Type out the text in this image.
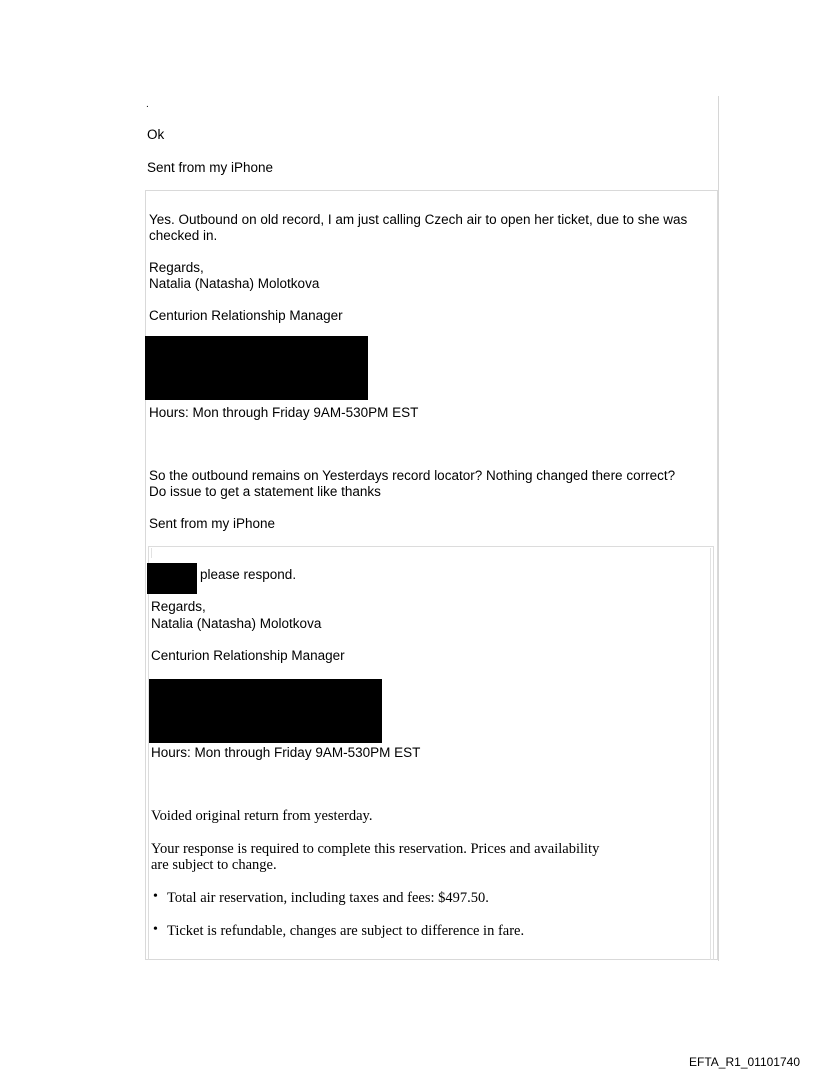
.
Ok
Sent from my iPhone
Yes. Outbound on old record, I am just calling Czech air to open her ticket, due to she was
checked in.
Regards,
Natalia (Natasha) Molotkova
Centurion Relationship Manager
Hours: Mon through Friday 9AM-530PM EST
So the outbound remains on Yesterdays record locator? Nothing changed there correct?
Do issue to get a statement like thanks
Sent from my iPhone
please respond.
Regards,
Natalia (Natasha) Molotkova
Centurion Relationship Manager
Hours: Mon through Friday 9AM-530PM EST
Voided original return from yesterday.
Your response is required to complete this reservation. Prices and availability
are subject to change.
• Total air reservation, including taxes and fees: $497.50.
• Ticket is refundable, changes are subject to difference in fare.
EFTA_R1_01101740
